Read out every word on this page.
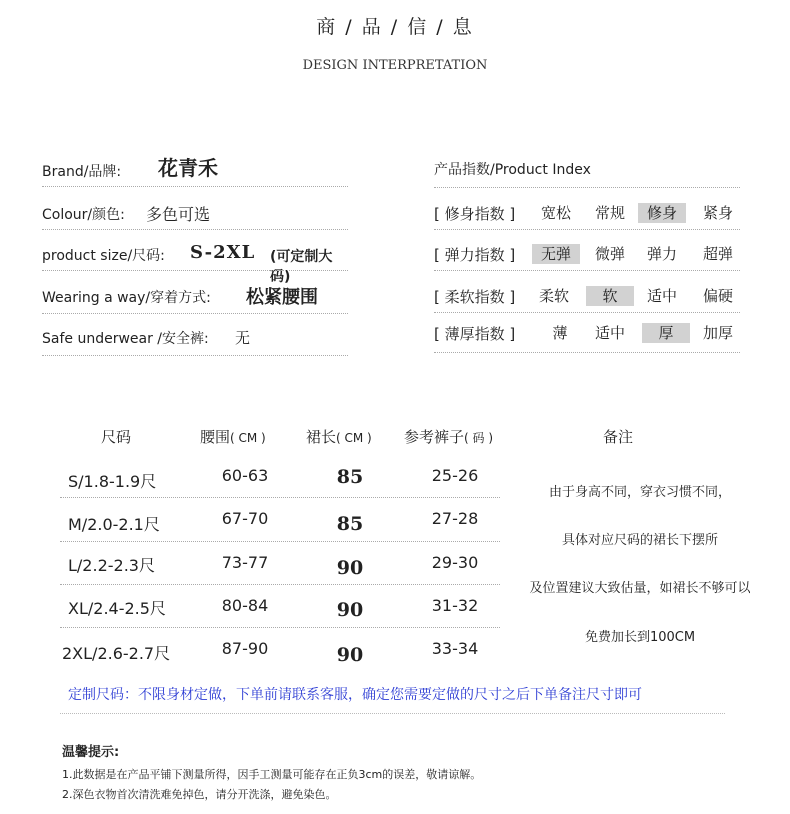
商 / 品 / 信 / 息
DESIGN INTERPRETATION
Brand/品牌: 花青禾
Colour/颜色: 多色可选
product size/尺码: S-2XL (可定制大码)
Wearing a way/穿着方式: 松紧腰围
Safe underwear /安全裤: 无
产品指数/Product Index
[ 修身指数 ]	宽松	常规	修身	紧身
[ 弹力指数 ]	无弹	微弹	弹力	超弹
[ 柔软指数 ]	柔软	软	适中	偏硬
[ 薄厚指数 ]	薄	适中	厚	加厚
尺码	腰围( CM )	裙长( CM )	参考裤子( 码 )	备注
S/1.8-1.9尺	60-63	85	25-26
M/2.0-2.1尺	67-70	85	27-28
L/2.2-2.3尺	73-77	90	29-30
XL/2.4-2.5尺	80-84	90	31-32
2XL/2.6-2.7尺	87-90	90	33-34
由于身高不同，穿衣习惯不同，
具体对应尺码的裙长下摆所
及位置建议大致估量，如裙长不够可以
免费加长到100CM
定制尺码：不限身材定做，下单前请联系客服，确定您需要定做的尺寸之后下单备注尺寸即可
温馨提示:
1.此数据是在产品平铺下测量所得，因手工测量可能存在正负3cm的误差，敬请谅解。
2.深色衣物首次清洗难免掉色，请分开洗涤，避免染色。
